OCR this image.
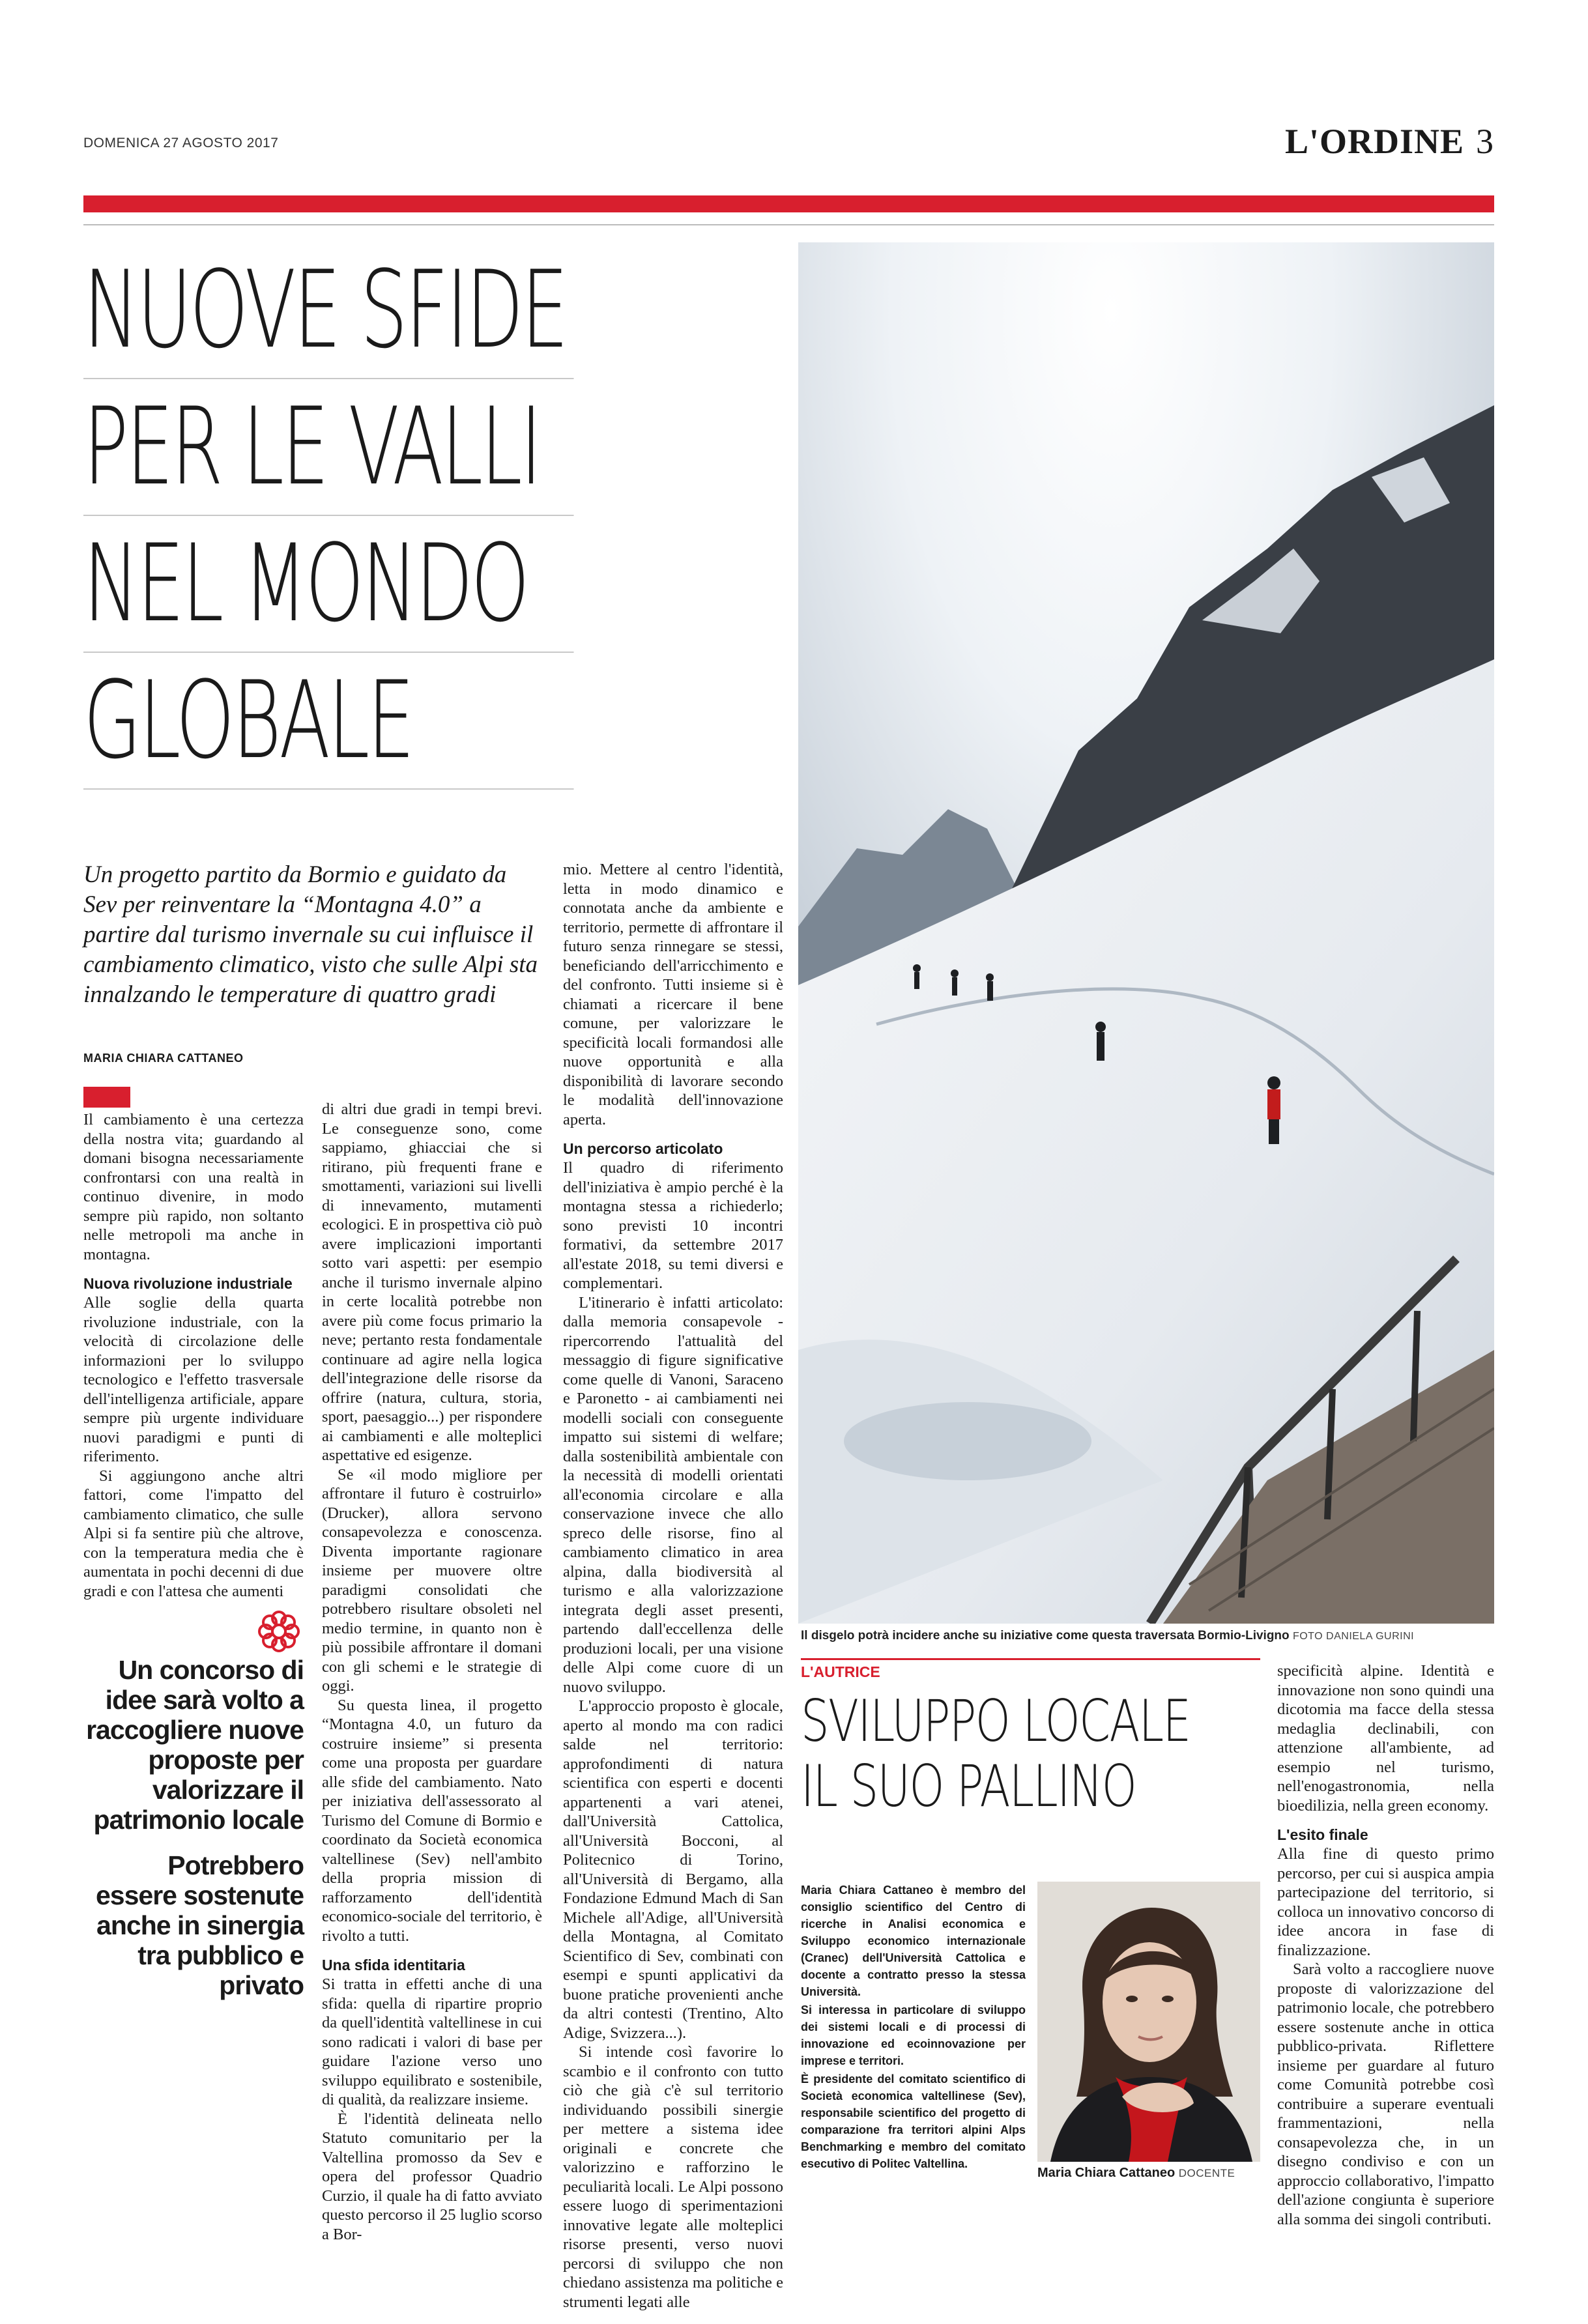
DOMENICA 27 AGOSTO 2017	L'ORDINE 3
NUOVE SFIDE
PER LE VALLI
NEL MONDO
GLOBALE
Il disgelo potrà incidere anche su iniziative come questa traversata Bormio-Livigno FOTO DANIELA GURINI
Un progetto partito da Bormio e guidato da Sev per reinventare la “Montagna 4.0” a partire dal turismo invernale su cui influisce il cambiamento climatico, visto che sulle Alpi sta innalzando le temperature di quattro gradi
MARIA CHIARA CATTANEO

Il cambiamento è una certezza della nostra vita; guardando al domani bisogna necessariamente confrontarsi con una realtà in continuo divenire, in modo sempre più rapido, non soltanto nelle metropoli ma anche in montagna.

Nuova rivoluzione industriale

Alle soglie della quarta rivoluzione industriale, con la velocità di circolazione delle informazioni per lo sviluppo tecnologico e l'effetto trasversale dell'intelligenza artificiale, appare sempre più urgente individuare nuovi paradigmi e punti di riferimento.

Si aggiungono anche altri fattori, come l'impatto del cambiamento climatico, che sulle Alpi si fa sentire più che altrove, con la temperatura media che è aumentata in pochi decenni di due gradi e con l'attesa che aumenti

Un concorso di idee sarà volto a raccogliere nuove proposte per valorizzare il patrimonio locale

Potrebbero essere sostenute anche in sinergia tra pubblico e privato

di altri due gradi in tempi brevi. Le conseguenze sono, come sappiamo, ghiacciai che si ritirano, più frequenti frane e smottamenti, variazioni sui livelli di innevamento, mutamenti ecologici. E in prospettiva ciò può avere implicazioni importanti sotto vari aspetti: per esempio anche il turismo invernale alpino in certe località potrebbe non avere più come focus primario la neve; pertanto resta fondamentale continuare ad agire nella logica dell'integrazione delle risorse da offrire (natura, cultura, storia, sport, paesaggio...) per rispondere ai cambiamenti e alle molteplici aspettative ed esigenze.

Se «il modo migliore per affrontare il futuro è costruirlo» (Drucker), allora servono consapevolezza e conoscenza. Diventa importante ragionare insieme per muovere oltre paradigmi consolidati che potrebbero risultare obsoleti nel medio termine, in quanto non è più possibile affrontare il domani con gli schemi e le strategie di oggi.

Su questa linea, il progetto “Montagna 4.0, un futuro da costruire insieme” si presenta come una proposta per guardare alle sfide del cambiamento. Nato per iniziativa dell'assessorato al Turismo del Comune di Bormio e coordinato da Società economica valtellinese (Sev) nell'ambito della propria mission di rafforzamento dell'identità economico-sociale del territorio, è rivolto a tutti.

Una sfida identitaria

Si tratta in effetti anche di una sfida: quella di ripartire proprio da quell'identità valtellinese in cui sono radicati i valori di base per guidare l'azione verso uno sviluppo equilibrato e sostenibile, di qualità, da realizzare insieme.

È l'identità delineata nello Statuto comunitario per la Valtellina promosso da Sev e opera del professor Quadrio Curzio, il quale ha di fatto avviato questo percorso il 25 luglio scorso a Bor-

mio. Mettere al centro l'identità, letta in modo dinamico e connotata anche da ambiente e territorio, permette di affrontare il futuro senza rinnegare se stessi, beneficiando dell'arricchimento e del confronto. Tutti insieme si è chiamati a ricercare il bene comune, per valorizzare le specificità locali formandosi alle nuove opportunità e alla disponibilità di lavorare secondo le modalità dell'innovazione aperta.

Un percorso articolato

Il quadro di riferimento dell'iniziativa è ampio perché è la montagna stessa a richiederlo; sono previsti 10 incontri formativi, da settembre 2017 all'estate 2018, su temi diversi e complementari.

L'itinerario è infatti articolato: dalla memoria consapevole - ripercorrendo l'attualità del messaggio di figure significative come quelle di Vanoni, Saraceno e Paronetto - ai cambiamenti nei modelli sociali con conseguente impatto sui sistemi di welfare; dalla sostenibilità ambientale con la necessità di modelli orientati all'economia circolare e alla conservazione invece che allo spreco delle risorse, fino al cambiamento climatico in area alpina, dalla biodiversità al turismo e alla valorizzazione integrata degli asset presenti, partendo dall'eccellenza delle produzioni locali, per una visione delle Alpi come cuore di un nuovo sviluppo.

L'approccio proposto è glocale, aperto al mondo ma con radici salde nel territorio: approfondimenti di natura scientifica con esperti e docenti appartenenti a vari atenei, dall'Università Cattolica, all'Università Bocconi, al Politecnico di Torino, all'Università di Bergamo, alla Fondazione Edmund Mach di San Michele all'Adige, all'Università della Montagna, al Comitato Scientifico di Sev, combinati con esempi e spunti applicativi da buone pratiche provenienti anche da altri contesti (Trentino, Alto Adige, Svizzera...).

Si intende così favorire lo scambio e il confronto con tutto ciò che già c'è sul territorio individuando possibili sinergie per mettere a sistema idee originali e concrete che valorizzino e rafforzino le peculiarità locali. Le Alpi possono essere luogo di sperimentazioni innovative legate alle molteplici risorse presenti, verso nuovi percorsi di sviluppo che non chiedano assistenza ma politiche e strumenti legati alle

L'AUTRICE
SVILUPPO LOCALE
IL SUO PALLINO

Maria Chiara Cattaneo è membro del consiglio scientifico del Centro di ricerche in Analisi economica e Sviluppo economico internazionale (Cranec) dell'Università Cattolica e docente a contratto presso la stessa Università.

Si interessa in particolare di sviluppo dei sistemi locali e di processi di innovazione ed ecoinnovazione per imprese e territori.

È presidente del comitato scientifico di Società economica valtellinese (Sev), responsabile scientifico del progetto di comparazione fra territori alpini Alps Benchmarking e membro del comitato esecutivo di Politec Valtellina.

Maria Chiara Cattaneo DOCENTE

specificità alpine. Identità e innovazione non sono quindi una dicotomia ma facce della stessa medaglia declinabili, con attenzione all'ambiente, ad esempio nel turismo, nell'enogastronomia, nella bioedilizia, nella green economy.

L'esito finale

Alla fine di questo primo percorso, per cui si auspica ampia partecipazione del territorio, si colloca un innovativo concorso di idee ancora in fase di finalizzazione.

Sarà volto a raccogliere nuove proposte di valorizzazione del patrimonio locale, che potrebbero essere sostenute anche in ottica pubblico-privata. Riflettere insieme per guardare al futuro come Comunità potrebbe così contribuire a superare eventuali frammentazioni, nella consapevolezza che, in un disegno condiviso e con un approccio collaborativo, l'impatto dell'azione congiunta è superiore alla somma dei singoli contributi.
